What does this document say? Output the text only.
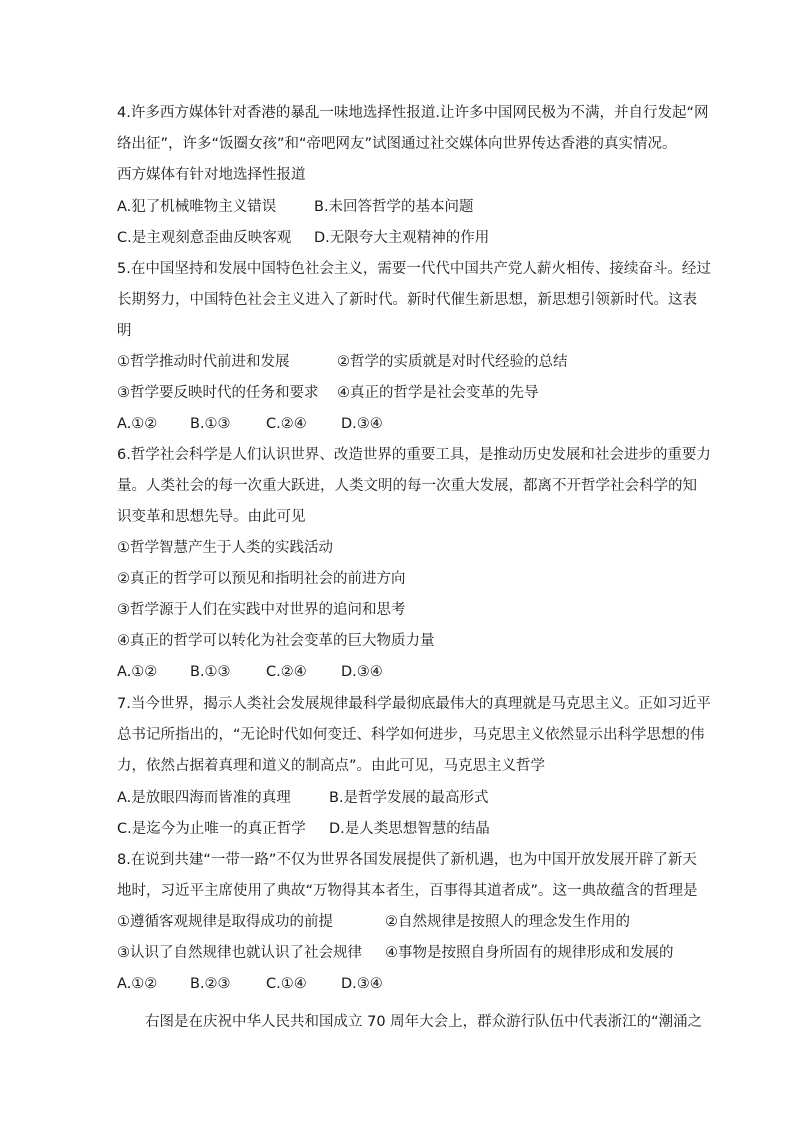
4.许多西方媒体针对香港的暴乱一味地选择性报道.让许多中国网民极为不满，并自行发起“网
络出征”，许多“饭圈女孩”和“帝吧网友”试图通过社交媒体向世界传达香港的真实情况。
西方媒体有针对地选择性报道
A.犯了机械唯物主义错误	B.未回答哲学的基本问题
C.是主观刻意歪曲反映客观 D.无限夸大主观精神的作用
5.在中国坚持和发展中国特色社会主义，需要一代代中国共产党人薪火相传、接续奋斗。经过
长期努力，中国特色社会主义进入了新时代。新时代催生新思想，新思想引领新时代。这表
明
①哲学推动时代前进和发展	②哲学的实质就是对时代经验的总结
③哲学要反映时代的任务和要求 ④真正的哲学是社会变革的先导
A.①② B.①③ C.②④ D.③④
6.哲学社会科学是人们认识世界、改造世界的重要工具，是推动历史发展和社会进步的重要力
量。人类社会的每一次重大跃进，人类文明的每一次重大发展，都离不开哲学社会科学的知
识变革和思想先导。由此可见
①哲学智慧产生于人类的实践活动
②真正的哲学可以预见和指明社会的前进方向
③哲学源于人们在实践中对世界的追问和思考
④真正的哲学可以转化为社会变革的巨大物质力量
A.①② B.①③ C.②④ D.③④
7.当今世界，揭示人类社会发展规律最科学最彻底最伟大的真理就是马克思主义。正如习近平
总书记所指出的，“无论时代如何变迁、科学如何进步，马克思主义依然显示出科学思想的伟
力，依然占据着真理和道义的制高点”。由此可见，马克思主义哲学
A.是放眼四海而皆准的真理	B.是哲学发展的最高形式
C.是迄今为止唯一的真正哲学 D.是人类思想智慧的结晶
8.在说到共建“一带一路”不仅为世界各国发展提供了新机遇，也为中国开放发展开辟了新天
地时，习近平主席使用了典故“万物得其本者生，百事得其道者成”。这一典故蕴含的哲理是
①遵循客观规律是取得成功的前提	②自然规律是按照人的理念发生作用的
③认识了自然规律也就认识了社会规律 ④事物是按照自身所固有的规律形成和发展的
A.①② B.②③ C.①④ D.③④
右图是在庆祝中华人民共和国成立 70 周年大会上，群众游行队伍中代表浙江的“潮涌之
